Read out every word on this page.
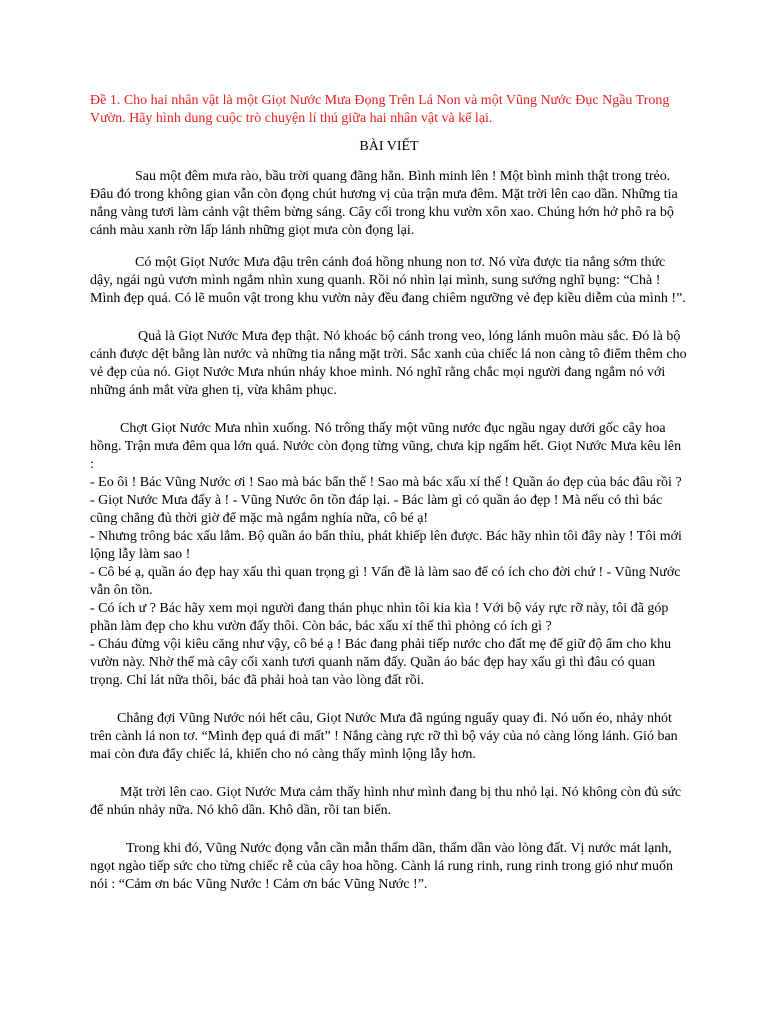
Đề 1. Cho hai nhân vật là một Giọt Nước Mưa Đọng Trên Lá Non và một Vũng Nước Đục Ngầu Trong Vườn. Hãy hình dung cuộc trò chuyện lí thú giữa hai nhân vật và kể lại.

BÀI VIẾT

Sau một đêm mưa rào, bầu trời quang đãng hẳn. Bình minh lên ! Một bình minh thật trong trẻo. Đâu đó trong không gian vẫn còn đọng chút hương vị của trận mưa đêm. Mặt trời lên cao dần. Những tia nắng vàng tươi làm cảnh vật thêm bừng sáng. Cây cối trong khu vườn xôn xao. Chúng hớn hở phô ra bộ cánh màu xanh rờn lấp lánh những giọt mưa còn đọng lại.

Có một Giọt Nước Mưa đậu trên cánh đoá hồng nhung non tơ. Nó vừa được tia nắng sớm thức dậy, ngái ngủ vươn mình ngắm nhìn xung quanh. Rồi nó nhìn lại mình, sung sướng nghĩ bụng: “Chà ! Mình đẹp quá. Có lẽ muôn vật trong khu vườn này đều đang chiêm ngưỡng vẻ đẹp kiều diễm của mình !”.

Quả là Giọt Nước Mưa đẹp thật. Nó khoác bộ cánh trong veo, lóng lánh muôn màu sắc. Đó là bộ cánh được dệt bằng làn nước và những tia nắng mặt trời. Sắc xanh của chiếc lá non càng tô điểm thêm cho vẻ đẹp của nó. Giọt Nước Mưa nhún nhảy khoe mình. Nó nghĩ rằng chắc mọi người đang ngắm nó với những ánh mắt vừa ghen tị, vừa khâm phục.

Chợt Giọt Nước Mưa nhìn xuống. Nó trông thấy một vũng nước đục ngầu ngay dưới gốc cây hoa hồng. Trận mưa đêm qua lớn quá. Nước còn đọng từng vũng, chưa kịp ngấm hết. Giọt Nước Mưa kêu lên :

- Eo ôi ! Bác Vũng Nước ơi ! Sao mà bác bẩn thế ! Sao mà bác xấu xí thế ! Quần áo đẹp của bác đâu rồi ?

- Giọt Nước Mưa đấy à ! - Vũng Nước ôn tồn đáp lại. - Bác làm gì có quần áo đẹp ! Mà nếu có thì bác cũng chẳng đủ thời giờ để mặc mà ngắm nghía nữa, cô bé ạ!

- Nhưng trông bác xấu lắm. Bộ quần áo bẩn thỉu, phát khiếp lên được. Bác hãy nhìn tôi đây này ! Tôi mới lộng lẫy làm sao !

- Cô bé ạ, quần áo đẹp hay xấu thì quan trọng gì ! Vấn đề là làm sao để có ích cho đời chứ ! - Vũng Nước vẫn ôn tồn.

- Có ích ư ? Bác hãy xem mọi người đang thán phục nhìn tôi kia kìa ! Với bộ váy rực rỡ này, tôi đã góp phần làm đẹp cho khu vườn đấy thôi. Còn bác, bác xấu xí thế thì phỏng có ích gì ?

- Cháu đừng vội kiêu căng như vậy, cô bé ạ ! Bác đang phải tiếp nước cho đất mẹ để giữ độ ẩm cho khu vườn này. Nhờ thế mà cây cối xanh tươi quanh năm đấy. Quần áo bác đẹp hay xấu gì thì đâu có quan trọng. Chỉ lát nữa thôi, bác đã phải hoà tan vào lòng đất rồi.

Chẳng đợi Vũng Nước nói hết câu, Giọt Nước Mưa đã ngúng nguẩy quay đi. Nó uốn éo, nhảy nhót trên cành lá non tơ. “Mình đẹp quá đi mất” ! Nắng càng rực rỡ thì bộ váy của nó càng lóng lánh. Gió ban mai còn đưa đẩy chiếc lá, khiến cho nó càng thấy mình lộng lẫy hơn.

Mặt trời lên cao. Giọt Nước Mưa cảm thấy hình như mình đang bị thu nhỏ lại. Nó không còn đủ sức để nhún nhảy nữa. Nó khô dần. Khô dần, rồi tan biến.

Trong khi đó, Vũng Nước đọng vẫn cần mẫn thấm dần, thấm dần vào lòng đất. Vị nước mát lạnh, ngọt ngào tiếp sức cho từng chiếc rễ của cây hoa hồng. Cành lá rung rinh, rung rinh trong gió như muốn nói : “Cảm ơn bác Vũng Nước ! Cảm ơn bác Vũng Nước !”.
